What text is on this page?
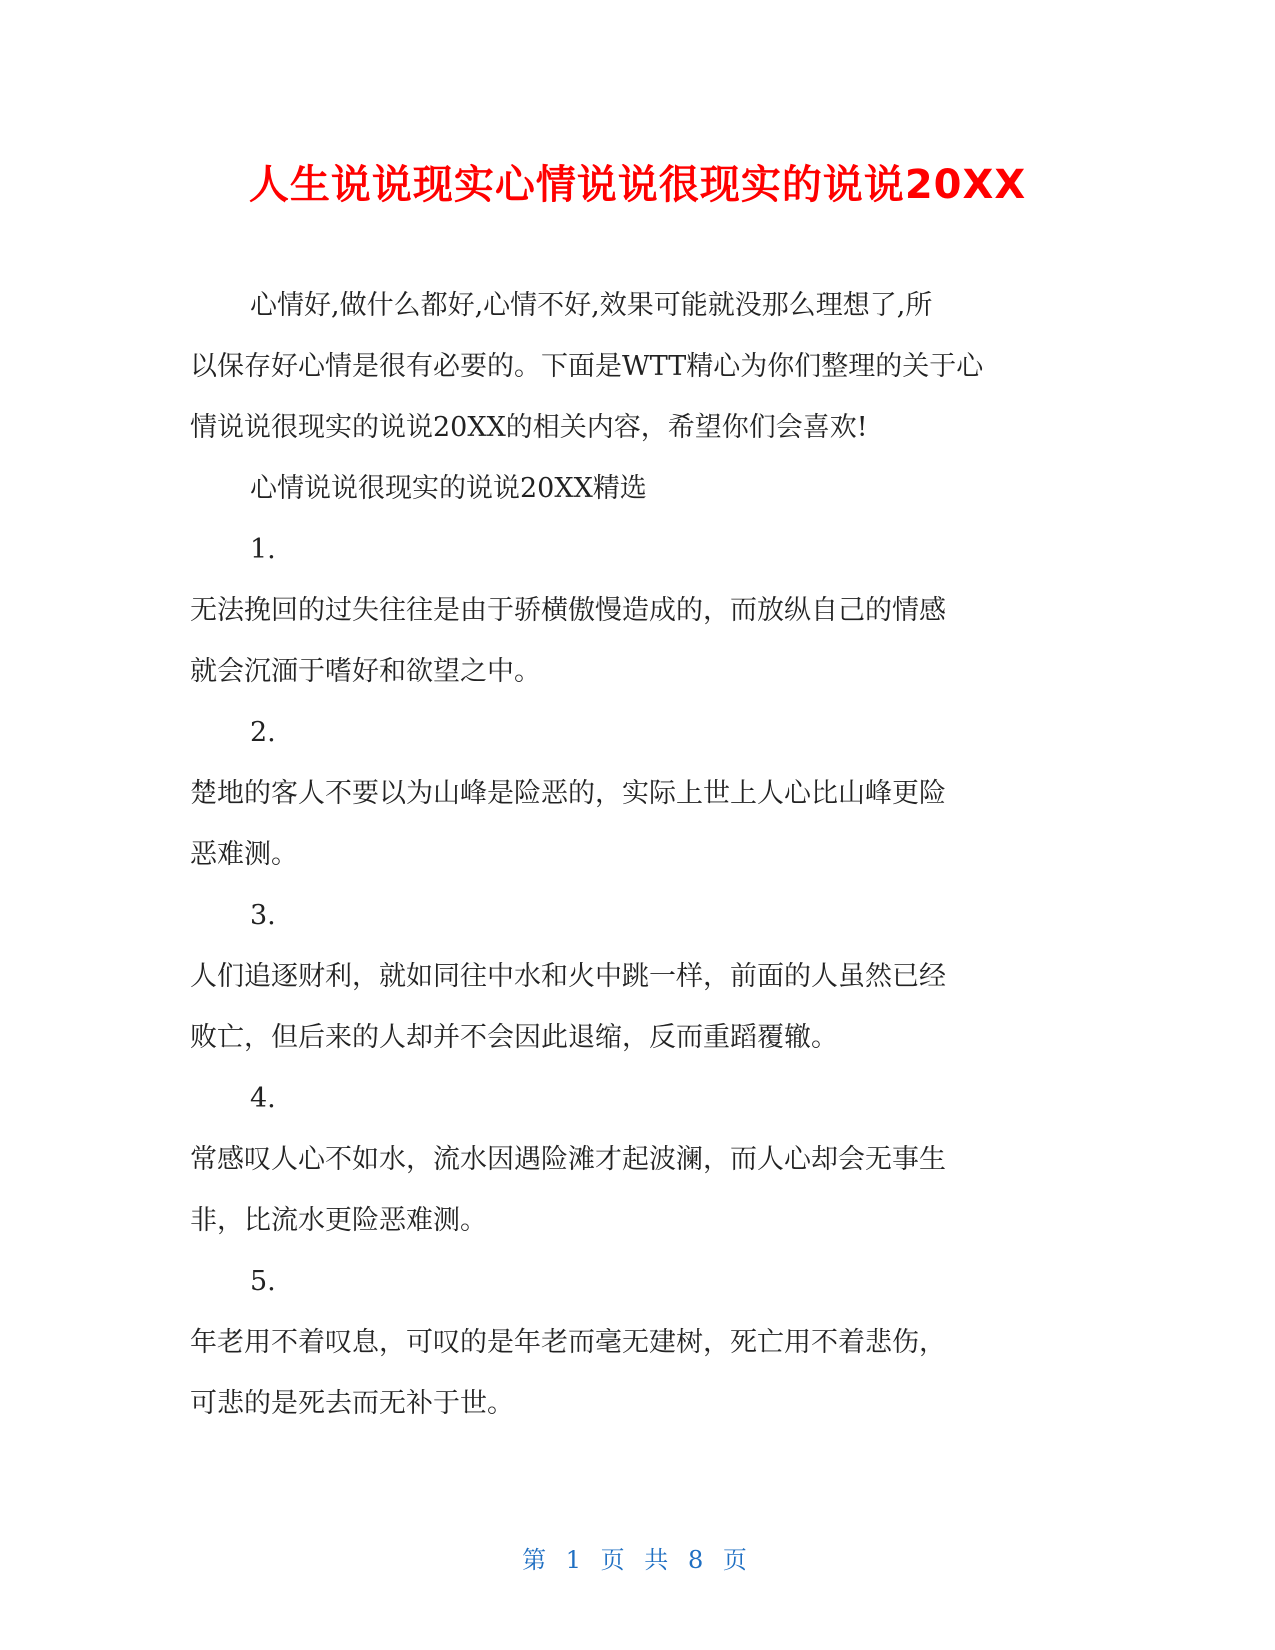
人生说说现实心情说说很现实的说说20XX
心情好,做什么都好,心情不好,效果可能就没那么理想了,所
以保存好心情是很有必要的。下面是WTT精心为你们整理的关于心
情说说很现实的说说20XX的相关内容，希望你们会喜欢!
心情说说很现实的说说20XX精选
1.
无法挽回的过失往往是由于骄横傲慢造成的，而放纵自己的情感
就会沉湎于嗜好和欲望之中。
2.
楚地的客人不要以为山峰是险恶的，实际上世上人心比山峰更险
恶难测。
3.
人们追逐财利，就如同往中水和火中跳一样，前面的人虽然已经
败亡，但后来的人却并不会因此退缩，反而重蹈覆辙。
4.
常感叹人心不如水，流水因遇险滩才起波澜，而人心却会无事生
非，比流水更险恶难测。
5.
年老用不着叹息，可叹的是年老而毫无建树，死亡用不着悲伤，
可悲的是死去而无补于世。
第 1 页 共 8 页
